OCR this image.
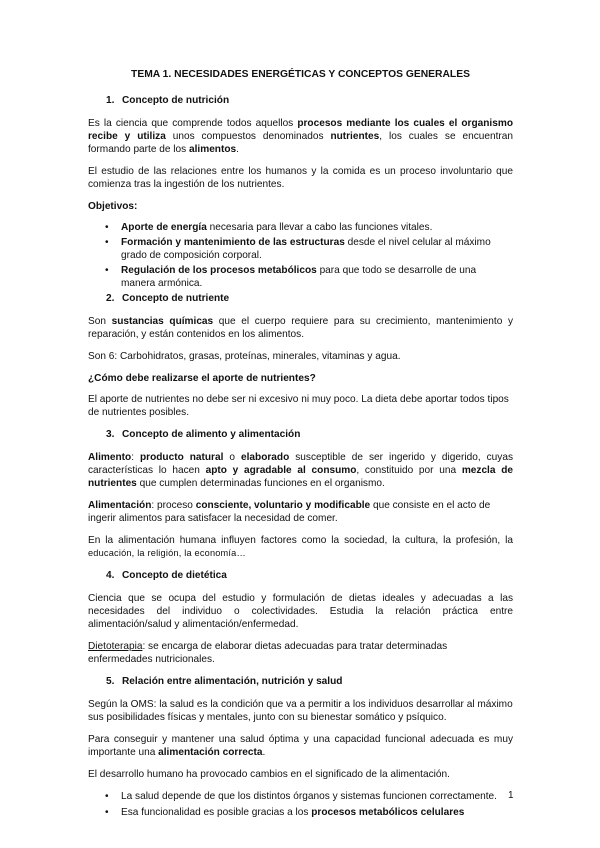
TEMA 1. NECESIDADES ENERGÉTICAS Y CONCEPTOS GENERALES
1. Concepto de nutrición

Es la ciencia que comprende todos aquellos procesos mediante los cuales el organismo recibe y utiliza unos compuestos denominados nutrientes, los cuales se encuentran formando parte de los alimentos.

El estudio de las relaciones entre los humanos y la comida es un proceso involuntario que comienza tras la ingestión de los nutrientes.

Objetivos:
• Aporte de energía necesaria para llevar a cabo las funciones vitales.
• Formación y mantenimiento de las estructuras desde el nivel celular al máximo grado de composición corporal.
• Regulación de los procesos metabólicos para que todo se desarrolle de una manera armónica.
2. Concepto de nutriente

Son sustancias químicas que el cuerpo requiere para su crecimiento, mantenimiento y reparación, y están contenidos en los alimentos.

Son 6: Carbohidratos, grasas, proteínas, minerales, vitaminas y agua.

¿Cómo debe realizarse el aporte de nutrientes?

El aporte de nutrientes no debe ser ni excesivo ni muy poco. La dieta debe aportar todos tipos de nutrientes posibles.

3. Concepto de alimento y alimentación

Alimento: producto natural o elaborado susceptible de ser ingerido y digerido, cuyas características lo hacen apto y agradable al consumo, constituido por una mezcla de nutrientes que cumplen determinadas funciones en el organismo.

Alimentación: proceso consciente, voluntario y modificable que consiste en el acto de ingerir alimentos para satisfacer la necesidad de comer.

En la alimentación humana influyen factores como la sociedad, la cultura, la profesión, la educación, la religión, la economía…

4. Concepto de dietética

Ciencia que se ocupa del estudio y formulación de dietas ideales y adecuadas a las necesidades del individuo o colectividades. Estudia la relación práctica entre alimentación/salud y alimentación/enfermedad.

Dietoterapia: se encarga de elaborar dietas adecuadas para tratar determinadas enfermedades nutricionales.

5. Relación entre alimentación, nutrición y salud

Según la OMS: la salud es la condición que va a permitir a los individuos desarrollar al máximo sus posibilidades físicas y mentales, junto con su bienestar somático y psíquico.

Para conseguir y mantener una salud óptima y una capacidad funcional adecuada es muy importante una alimentación correcta.

El desarrollo humano ha provocado cambios en el significado de la alimentación.

• La salud depende de que los distintos órganos y sistemas funcionen correctamente.
• Esa funcionalidad es posible gracias a los procesos metabólicos celulares
1
